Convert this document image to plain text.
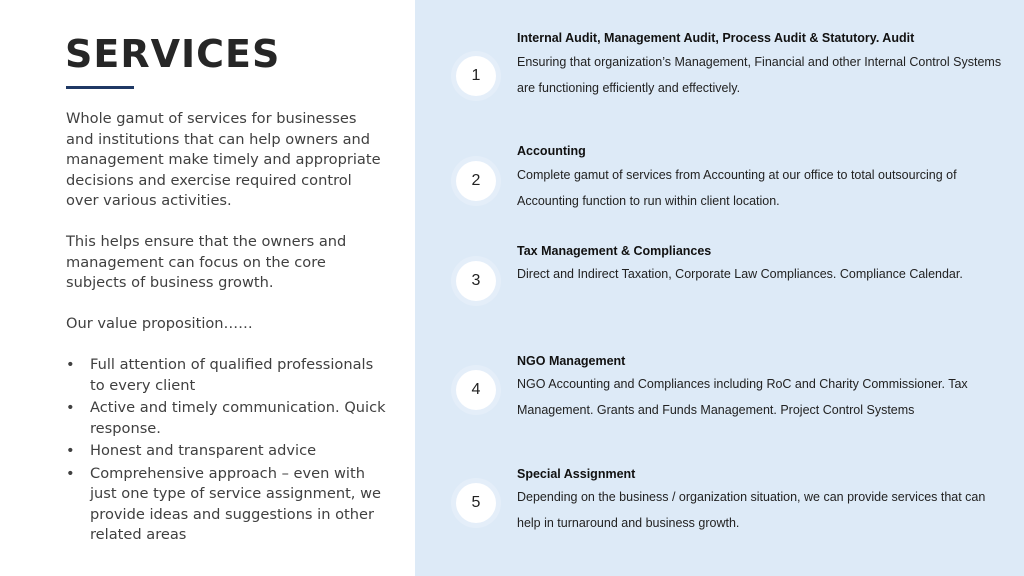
SERVICES

Whole gamut of services for businesses and institutions that can help owners and management make timely and appropriate decisions and exercise required control over various activities.

This helps ensure that the owners and management can focus on the core subjects of business growth.

Our value proposition……

• Full attention of qualified professionals to every client
• Active and timely communication. Quick response.
• Honest and transparent advice
• Comprehensive approach – even with just one type of service assignment, we provide ideas and suggestions in other related areas
1
Internal Audit, Management Audit, Process Audit & Statutory. Audit
Ensuring that organization’s Management, Financial and other Internal Control Systems are functioning efficiently and effectively.
2
Accounting
Complete gamut of services from Accounting at our office to total outsourcing of Accounting function to run within client location.
3
Tax Management & Compliances
Direct and Indirect Taxation, Corporate Law Compliances. Compliance Calendar.
4
NGO Management
NGO Accounting and Compliances including RoC and Charity Commissioner. Tax Management. Grants and Funds Management. Project Control Systems
5
Special Assignment
Depending on the business / organization situation, we can provide services that can help in turnaround and business growth.
